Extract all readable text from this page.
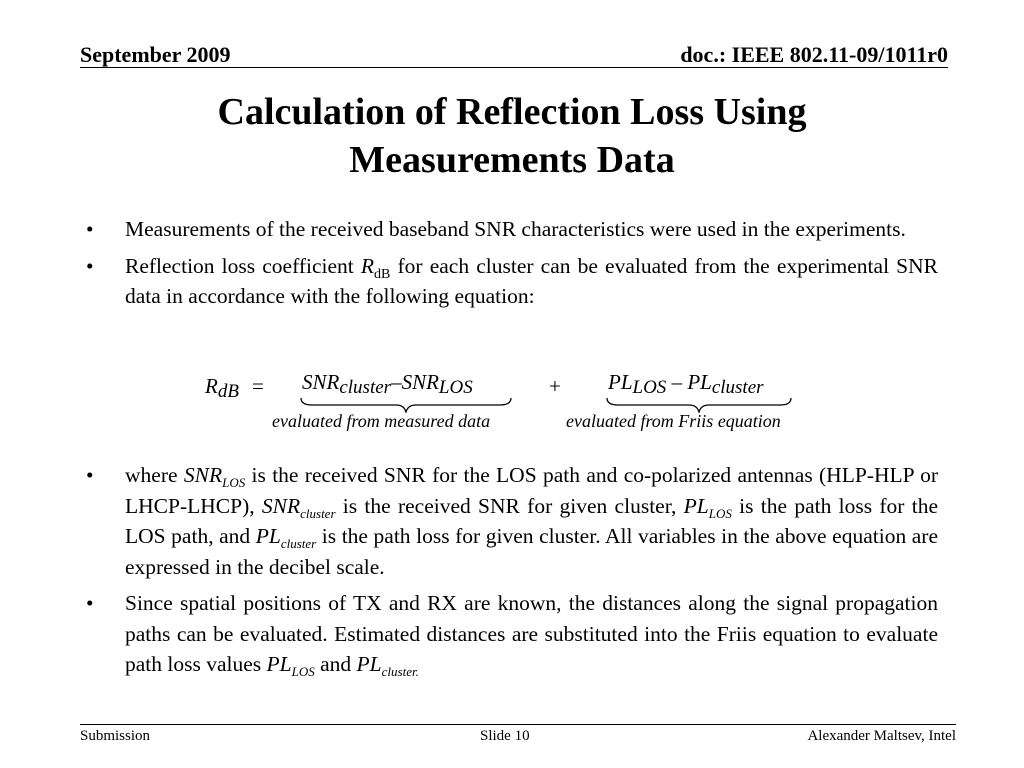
September 2009	doc.: IEEE 802.11-09/1011r0
Calculation of Reflection Loss Using
Measurements Data
• Measurements of the received baseband SNR characteristics were used in the experiments.
• Reflection loss coefficient $R_{dB}$ for each cluster can be evaluated from the experimental SNR data in accordance with the following equation:
$R_{dB} = SNR_{cluster}-SNR_{LOS}$	+ $PL_{LOS} - PL_{cluster}$
evaluated from measured data	evaluated from Friis equation
• where $SNR_{LOS}$ is the received SNR for the LOS path and co-polarized antennas (HLP-HLP or LHCP-LHCP), $SNR_{cluster}$ is the received SNR for given cluster, $PL_{LOS}$ is the path loss for the LOS path, and $PL_{cluster}$ is the path loss for given cluster. All variables in the above equation are expressed in the decibel scale.
• Since spatial positions of TX and RX are known, the distances along the signal propagation paths can be evaluated. Estimated distances are substituted into the Friis equation to evaluate path loss values $PL_{LOS}$ and $PL_{cluster.}$
Submission	Slide 10	Alexander Maltsev, Intel
